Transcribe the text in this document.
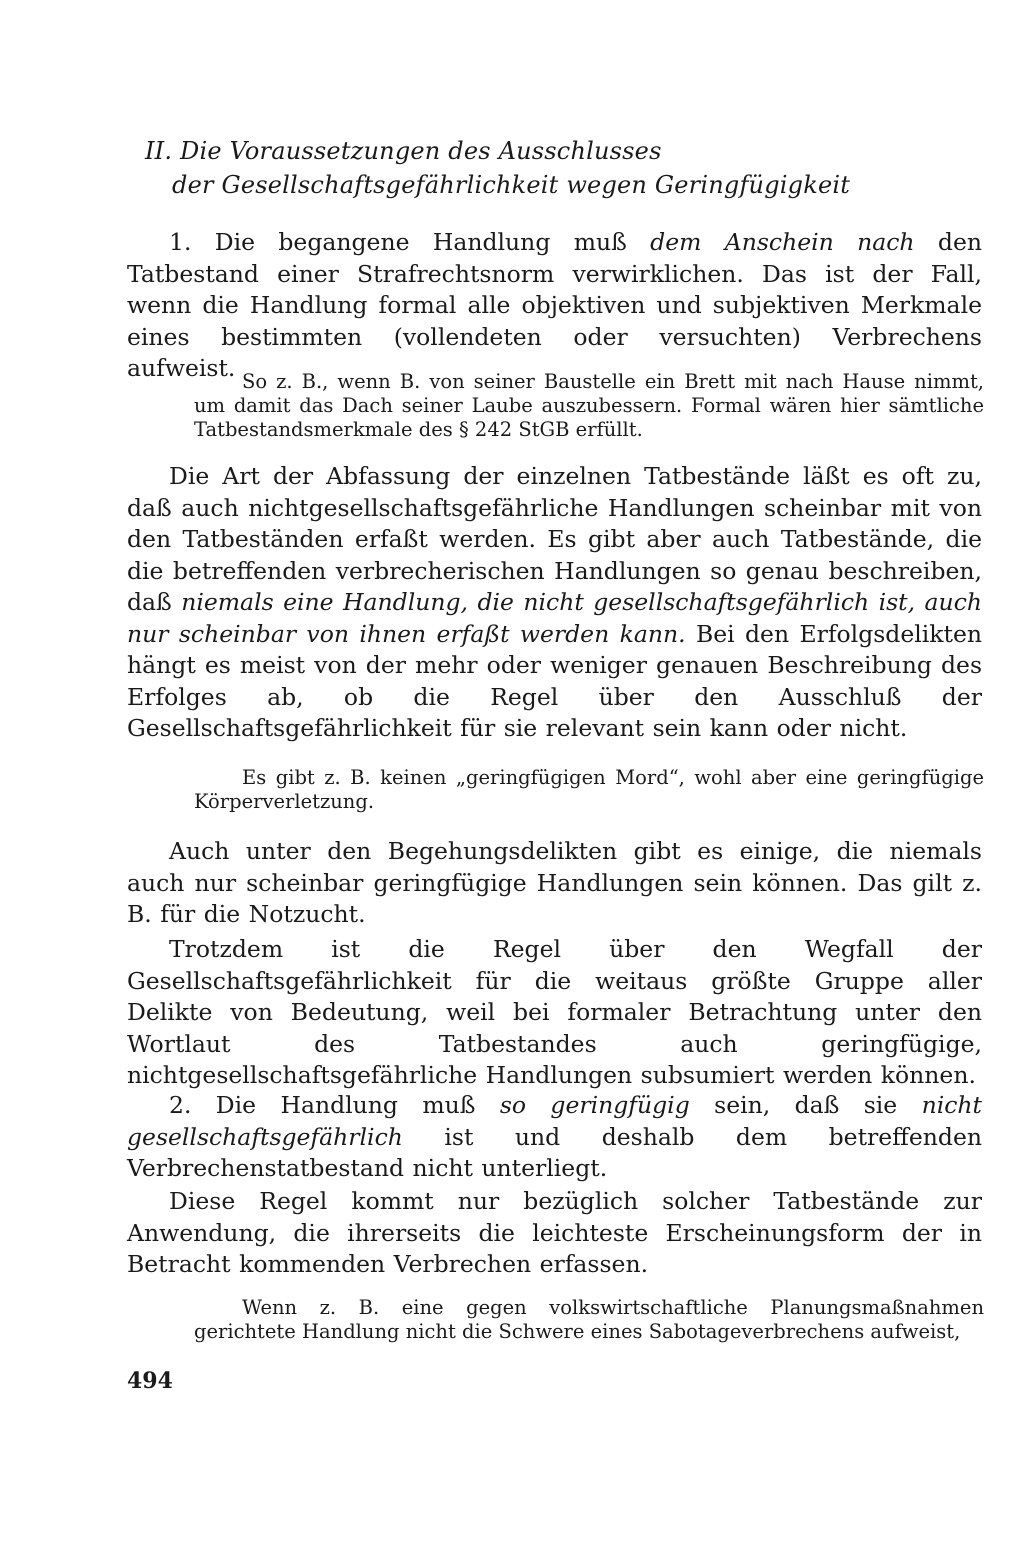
II. Die Voraussetzungen des Ausschlusses
der Gesellschaftsgefährlichkeit wegen Geringfügigkeit
1. Die begangene Handlung muß dem Anschein nach den Tatbestand einer Strafrechtsnorm verwirklichen. Das ist der Fall, wenn die Handlung formal alle objektiven und subjektiven Merkmale eines bestimmten (vollendeten oder versuchten) Verbrechens aufweist. So z. B., wenn B. von seiner Baustelle ein Brett mit nach Hause nimmt, um damit das Dach seiner Laube auszubessern. Formal wären hier sämtliche Tatbestandsmerkmale des § 242 StGB erfüllt.
Die Art der Abfassung der einzelnen Tatbestände läßt es oft zu, daß auch nichtgesellschaftsgefährliche Handlungen scheinbar mit von den Tatbeständen erfaßt werden. Es gibt aber auch Tatbestände, die die betreffenden verbrecherischen Handlungen so genau beschreiben, daß niemals eine Handlung, die nicht gesellschaftsgefährlich ist, auch nur scheinbar von ihnen erfaßt werden kann. Bei den Erfolgsdelikten hängt es meist von der mehr oder weniger genauen Beschreibung des Erfolges ab, ob die Regel über den Ausschluß der Gesellschaftsgefährlichkeit für sie relevant sein kann oder nicht.
Es gibt z. B. keinen „geringfügigen Mord“, wohl aber eine geringfügige Körperverletzung.
Auch unter den Begehungsdelikten gibt es einige, die niemals auch nur scheinbar geringfügige Handlungen sein können. Das gilt z. B. für die Notzucht.
Trotzdem ist die Regel über den Wegfall der Gesellschaftsgefährlichkeit für die weitaus größte Gruppe aller Delikte von Bedeutung, weil bei formaler Betrachtung unter den Wortlaut des Tatbestandes auch geringfügige, nichtgesellschaftsgefährliche Handlungen subsumiert werden können.
2. Die Handlung muß so geringfügig sein, daß sie nicht gesellschaftsgefährlich ist und deshalb dem betreffenden Verbrechenstatbestand nicht unterliegt.
Diese Regel kommt nur bezüglich solcher Tatbestände zur Anwendung, die ihrerseits die leichteste Erscheinungsform der in Betracht kommenden Verbrechen erfassen.
Wenn z. B. eine gegen volkswirtschaftliche Planungsmaßnahmen gerichtete Handlung nicht die Schwere eines Sabotageverbrechens aufweist,
494
